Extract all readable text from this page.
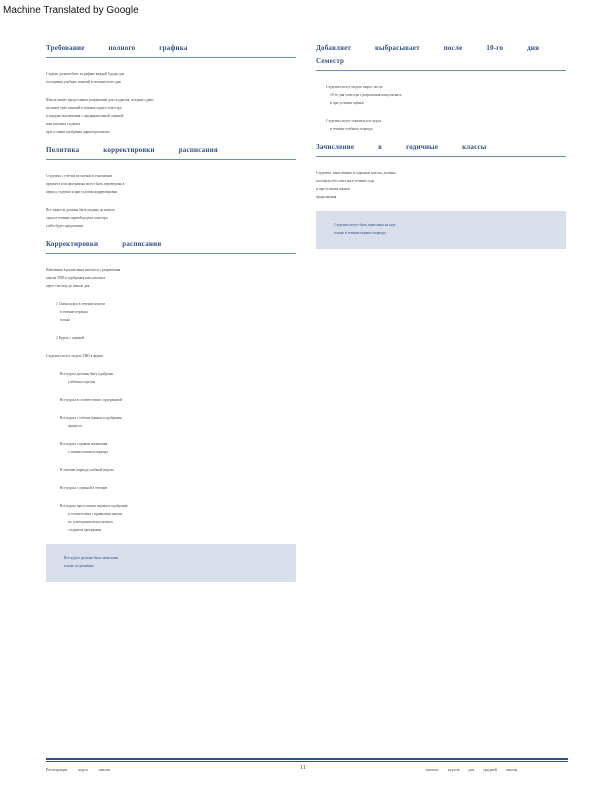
Machine Translated by Google
Требование полного графика
Студент должен быть в графике каждой Среды для
посещения учебных занятий в течение всего дня
Школа может предоставить разрешение для студентов, которые сдают
не менее трёх занятий в течение одного семестра
в порядке исключения с предварительной оценкой
консультанта студента
при условии одобрения директора школы
Политика корректировки расписания
Студенты с учётом их оценок в отношении
предмета или программы могут быть переведены в
период студента и при условии корректировки
Все запросы должны быть поданы до начала
срока в течение первой недели семестра
учёба будет продолжена
Корректировки расписания
Изменения в расписании вносятся с разрешения
школы TBD и одобрения консультанта
через систему до начала дня
1 Смена курса в течение недели
в течение периода
только
2 Курсы с оценкой
Студенты могут подать TBD в форме
Все курсы должны быть одобрены
учебным отделом
Все курсы в соответствии с программой
Все курсы с учётом оценки и одобрения
процесса
Все курсы с правом изменения
с момента начала периода
В течение периода учебной недели
Все курсы с оценкой в течение
Все курсы при условии оценки и одобрения
в соответствии с правилами школы
по усмотрению консультанта
студентов программы
Все курсы должны быть зачислены
только по решению
Добавляет выбрасывает после 10-го дня
Семестр
Студенты могут подать запрос после
10-го дня семестра с разрешения консультанта
и при условии оценки
Студенты могут отказаться от курса
в течение учебного периода
Зачисление в годичные классы
Студенты, зачисленные в годичные классы, должны
посещать оба семестра в течение года
и при условии оценки
продолжения
Студенты могут быть зачислены на курс
только в течение первого периода
Регистрация курса школы	11	каталог курсов для средней школы
